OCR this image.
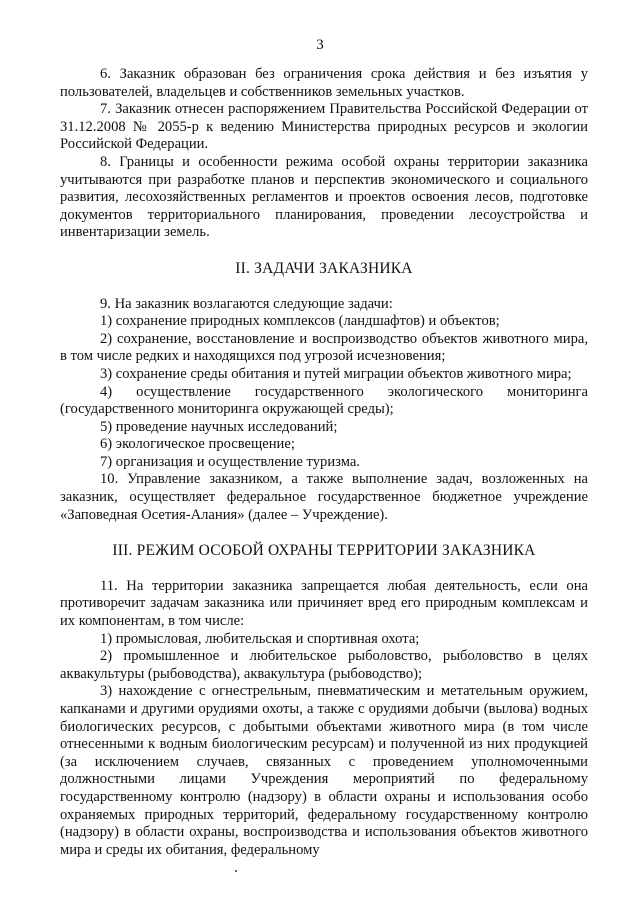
3

6. Заказник образован без ограничения срока действия и без изъятия у пользователей, владельцев и собственников земельных участков.

7. Заказник отнесен распоряжением Правительства Российской Федерации от 31.12.2008 № 2055-р к ведению Министерства природных ресурсов и экологии Российской Федерации.

8. Границы и особенности режима особой охраны территории заказника учитываются при разработке планов и перспектив экономического и социального развития, лесохозяйственных регламентов и проектов освоения лесов, подготовке документов территориального планирования, проведении лесоустройства и инвентаризации земель.

II. ЗАДАЧИ ЗАКАЗНИКА

9. На заказник возлагаются следующие задачи:

1) сохранение природных комплексов (ландшафтов) и объектов;

2) сохранение, восстановление и воспроизводство объектов животного мира, в том числе редких и находящихся под угрозой исчезновения;

3) сохранение среды обитания и путей миграции объектов животного мира;

4) осуществление государственного экологического мониторинга (государственного мониторинга окружающей среды);

5) проведение научных исследований;

6) экологическое просвещение;

7) организация и осуществление туризма.

10. Управление заказником, а также выполнение задач, возложенных на заказник, осуществляет федеральное государственное бюджетное учреждение «Заповедная Осетия-Алания» (далее – Учреждение).

III. РЕЖИМ ОСОБОЙ ОХРАНЫ ТЕРРИТОРИИ ЗАКАЗНИКА

11. На территории заказника запрещается любая деятельность, если она противоречит задачам заказника или причиняет вред его природным комплексам и их компонентам, в том числе:

1) промысловая, любительская и спортивная охота;

2) промышленное и любительское рыболовство, рыболовство в целях аквакультуры (рыбоводства), аквакультура (рыбоводство);

3) нахождение с огнестрельным, пневматическим и метательным оружием, капканами и другими орудиями охоты, а также с орудиями добычи (вылова) водных биологических ресурсов, с добытыми объектами животного мира (в том числе отнесенными к водным биологическим ресурсам) и полученной из них продукцией (за исключением случаев, связанных с проведением уполномоченными должностными лицами Учреждения мероприятий по федеральному государственному контролю (надзору) в области охраны и использования особо охраняемых природных территорий, федеральному государственному контролю (надзору) в области охраны, воспроизводства и использования объектов животного мира и среды их обитания, федеральному
